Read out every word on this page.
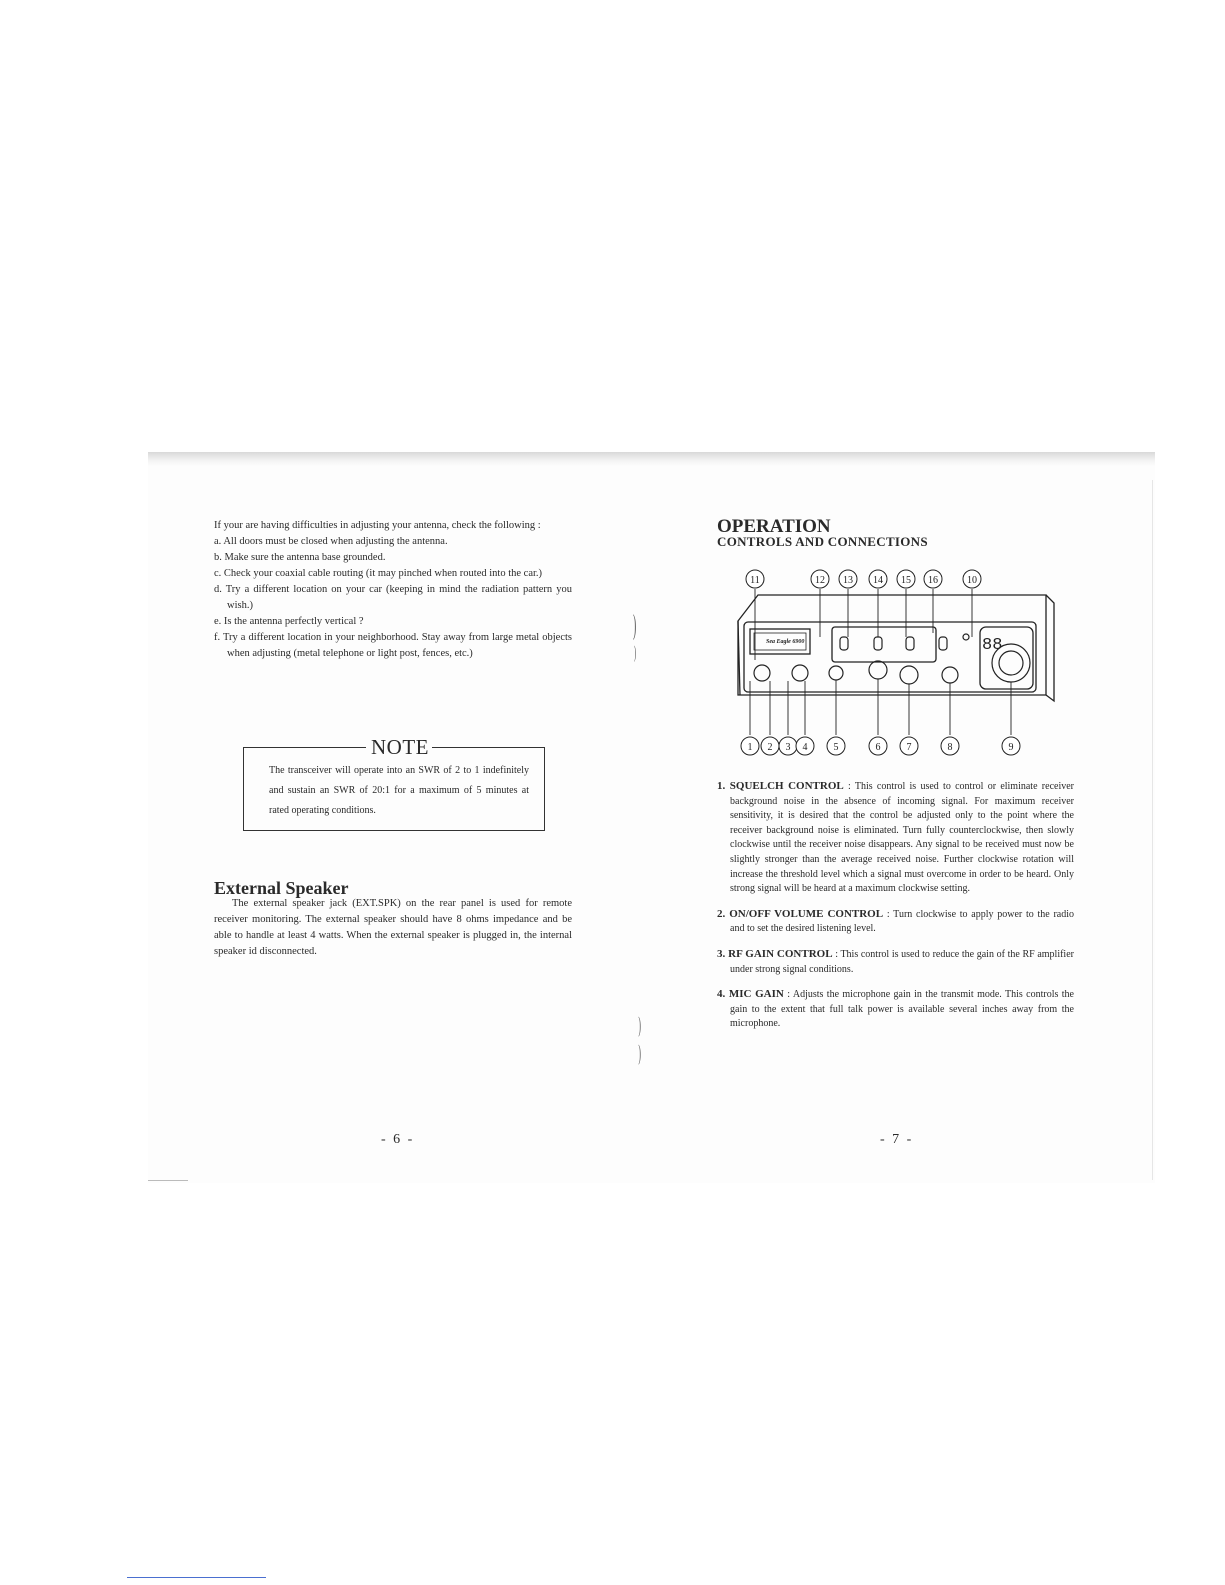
)
)
)
)

If your are having difficulties in adjusting your antenna, check the following :

a. All doors must be closed when adjusting the antenna.

b. Make sure the antenna base grounded.

c. Check your coaxial cable routing (it may pinched when routed into the car.)

d. Try a different location on your car (keeping in mind the radiation pattern you wish.)

e. Is the antenna perfectly vertical ?

f. Try a different location in your neighborhood. Stay away from large metal objects when adjusting (metal telephone or light post, fences, etc.)

NOTE
The transceiver will operate into an SWR of 2 to 1 indefinitely and sustain an SWR of 20:1 for a maximum of 5 minutes at rated operating conditions.
External Speaker

The external speaker jack (EXT.SPK) on the rear panel is used for remote receiver monitoring. The external speaker should have 8 ohms impedance and be able to handle at least 4 watts. When the external speaker is plugged in, the internal speaker id disconnected.

- 6 -
OPERATION
CONTROLS AND CONNECTIONS
Sea Eagle 6900	88
11	12 13 14 15 16	10
1 2 3 4	5	6	7	8	9

1. SQUELCH CONTROL : This control is used to control or eliminate receiver background noise in the absence of incoming signal. For maximum receiver sensitivity, it is desired that the control be adjusted only to the point where the receiver background noise is eliminated. Turn fully counterclockwise, then slowly clockwise until the receiver noise disappears. Any signal to be received must now be slightly stronger than the average received noise. Further clockwise rotation will increase the threshold level which a signal must overcome in order to be heard. Only strong signal will be heard at a maximum clockwise setting.

2. ON/OFF VOLUME CONTROL : Turn clockwise to apply power to the radio and to set the desired listening level.

3. RF GAIN CONTROL : This control is used to reduce the gain of the RF amplifier under strong signal conditions.

4. MIC GAIN : Adjusts the microphone gain in the transmit mode. This controls the gain to the extent that full talk power is available several inches away from the microphone.

- 7 -
